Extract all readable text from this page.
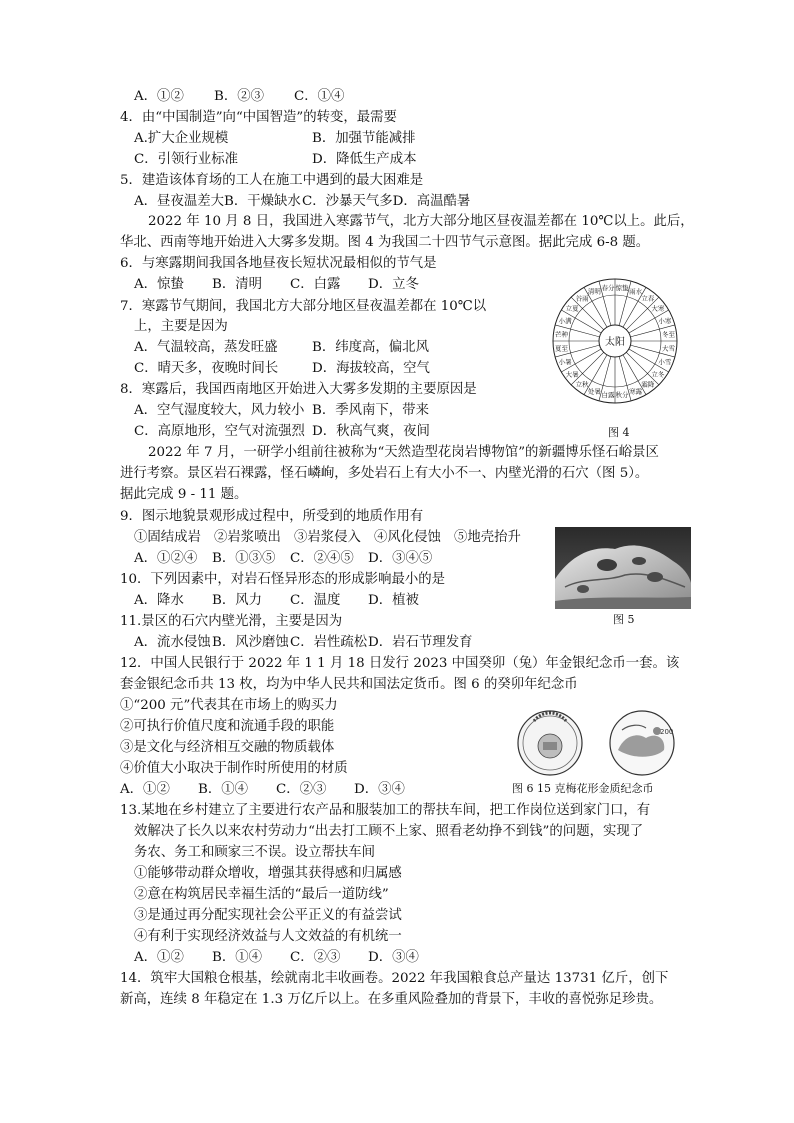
A．①② B．②③ C．①④
4．由“中国制造”向“中国智造”的转变，最需要
A.扩大企业规模	B．加强节能减排
C．引领行业标准	D．降低生产成本
5．建造该体育场的工人在施工中遇到的最大困难是
A．昼夜温差大B．干燥缺水C．沙暴天气多D．高温酷暑
2022 年 10 月 8 日，我国进入寒露节气，北方大部分地区昼夜温差都在 10℃以上。此后，
华北、西南等地开始进入大雾多发期。图 4 为我国二十四节气示意图。据此完成 6-8 题。
6．与寒露期间我国各地昼夜长短状况最相似的节气是
A．惊蛰 B．清明 C．白露 D．立冬
7．寒露节气期间，我国北方大部分地区昼夜温差都在 10℃以
上，主要是因为
A．气温较高，蒸发旺盛	B．纬度高，偏北风
C．晴天多，夜晚时间长	D．海拔较高，空气
8．寒露后，我国西南地区开始进入大雾多发期的主要原因是
A．空气湿度较大，风力较小 B．季风南下，带来
C．高原地形，空气对流强烈 D．秋高气爽，夜间
2022 年 7 月，一研学小组前往被称为“天然造型花岗岩博物馆”的新疆博乐怪石峪景区
进行考察。景区岩石裸露，怪石嶙峋，多处岩石上有大小不一、内壁光滑的石穴（图 5）。
据此完成 9 - 11 题。
9．图示地貌景观形成过程中，所受到的地质作用有
①固结成岩 ②岩浆喷出 ③岩浆侵入 ④风化侵蚀 ⑤地壳抬升
A．①②④ B．①③⑤ C．②④⑤ D．③④⑤
10．下列因素中，对岩石怪异形态的形成影响最小的是
A．降水 B．风力 C．温度 D．植被
11.景区的石穴内壁光滑，主要是因为
A．流水侵蚀B．风沙磨蚀C．岩性疏松D．岩石节理发育
12．中国人民银行于 2022 年 1 1 月 18 日发行 2023 中国癸卯（兔）年金银纪念币一套。该
套金银纪念币共 13 枚，均为中华人民共和国法定货币。图 6 的癸卯年纪念币
①“200 元”代表其在市场上的购买力
②可执行价值尺度和流通手段的职能
③是文化与经济相互交融的物质载体
④价值大小取决于制作时所使用的材质
A．①② B．①④ C．②③ D．③④
13.某地在乡村建立了主要进行农产品和服装加工的帮扶车间，把工作岗位送到家门口，有
效解决了长久以来农村劳动力“出去打工顾不上家、照看老幼挣不到钱”的问题，实现了
务农、务工和顾家三不误。设立帮扶车间
①能够带动群众增收，增强其获得感和归属感
②意在构筑居民幸福生活的“最后一道防线”
③是通过再分配实现社会公平正义的有益尝试
④有利于实现经济效益与人文效益的有机统一
A．①② B．①④ C．②③ D．③④
14．筑牢大国粮仓根基，绘就南北丰收画卷。2022 年我国粮食总产量达 13731 亿斤，创下
新高，连续 8 年稳定在 1.3 万亿斤以上。在多重风险叠加的背景下，丰收的喜悦弥足珍贵。
春分
清明
谷雨
立夏
小满
芒种
夏至
小暑
大暑
立秋
处暑 白露 秋分 寒露
霜降
立冬
小雪
大雪
冬至
小寒
大寒
立春
雨水
惊蛰
太阳
图 4
图 5
200
图 6 15 克梅花形金质纪念币
